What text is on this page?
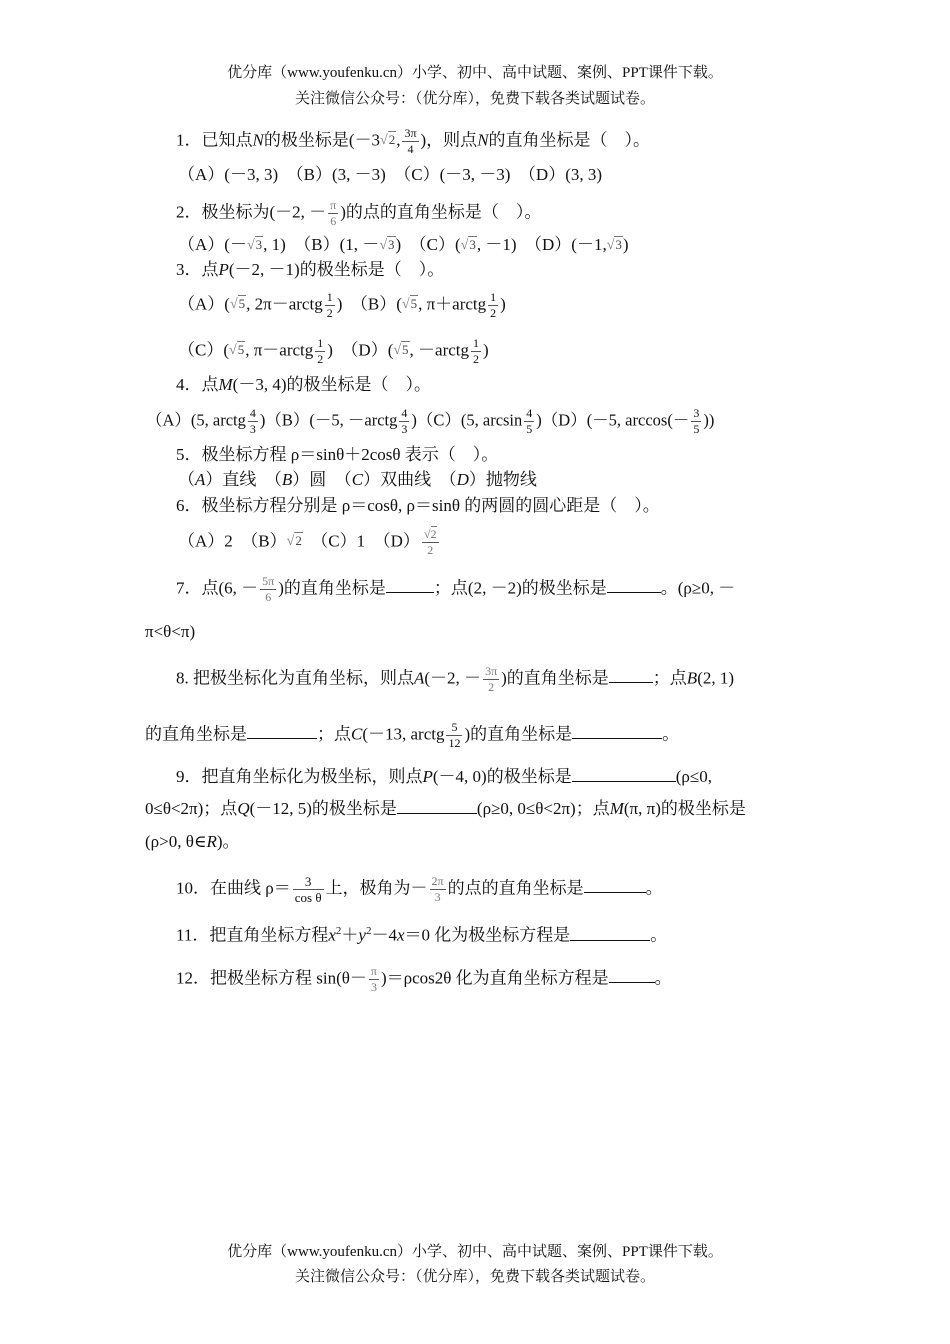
优分库（www.youfenku.cn）小学、初中、高中试题、案例、PPT课件下载。
关注微信公众号：（优分库），免费下载各类试题试卷。
1．已知点N的极坐标是(－3√2, $\frac{3\pi}{4}$ )，则点N的直角坐标是（　）。
（A）(－3, 3)　（B）(3, －3)　（C）(－3, －3)　（D）(3, 3)
2．极坐标为(－2, － $\frac{\pi}{6}$ )的点的直角坐标是（　）。
（A）(－√3, 1)　（B）(1, －√3)　（C）(√3, －1)　（D）(－1,√3)
3．点P(－2, －1)的极坐标是（　）。
（A）(√5, 2π－arctg $\frac{1}{2}$ )　（B）(√5, π＋arctg $\frac{1}{2}$ )
（C）(√5, π－arctg $\frac{1}{2}$ )　（D）(√5, －arctg $\frac{1}{2}$ )
4．点M(－3, 4)的极坐标是（　）。
（A）(5, arctg $\frac{4}{3} )(B)(-5$, －arctg $\frac{4}{3} )(C)(5$, $\arcsin \frac{4}{5} )(D)(-5$, $\arccos(- \frac{3}{5}$ ))
5．极坐标方程 ρ＝sinθ＋2cosθ 表示（　）。
（A）直线　（B）圆　（C）双曲线　（D）抛物线
6．极坐标方程分别是 ρ＝cosθ, ρ＝sinθ 的两圆的圆心距是（　）。
（A）2　（B）√2　（C）1　$(D) \frac{√2}{2}$
7．点(6, － $\frac{5\pi}{6}$ )的直角坐标是	；点(2, －2)的极坐标是	。(ρ≥0, －
π<θ<π)
8. 把极坐标化为直角坐标，则点A(－2, － $\frac{3\pi}{2}$ )的直角坐标是	；点B(2, 1)
的直角坐标是	；点C(－13, arctg $\frac{5}{12}$ )的直角坐标是	。
9．把直角坐标化为极坐标，则点P(－4, 0)的极坐标是	(ρ≤0,
0≤θ<2π)；点Q(－12, 5)的极坐标是	(ρ≥0, 0≤θ<2π)；点M(π, π)的极坐标是
(ρ>0, θ∈R)。
10．在曲线 $\rho= \frac{3}{\text{cos θ}}$ 上，极角为－ $\frac{2\pi}{3}$ 的点的直角坐标是	。
11．把直角坐标方程$x^2+y^2-4x=0$ 化为极坐标方程是	。
12．把极坐标方程 $\sin(\theta- \frac{\pi}{3} )=\rho\cos 2\theta$ 化为直角坐标方程是	。
优分库（www.youfenku.cn）小学、初中、高中试题、案例、PPT课件下载。
关注微信公众号：（优分库），免费下载各类试题试卷。
